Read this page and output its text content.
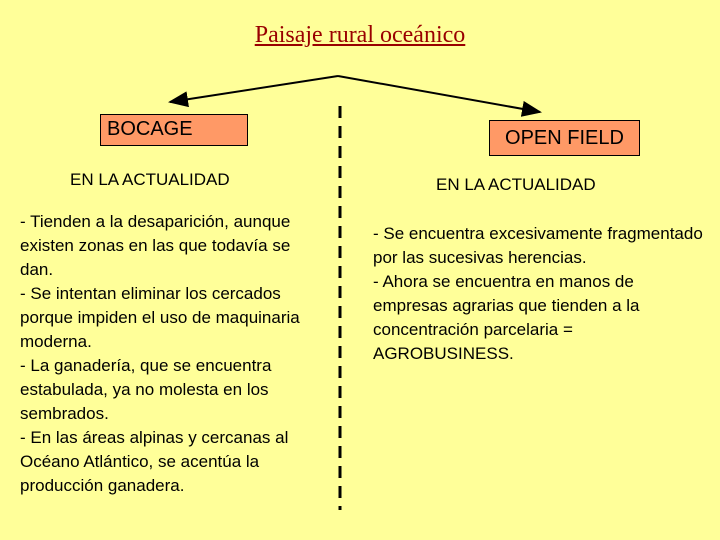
Paisaje rural oceánico
BOCAGE	OPEN FIELD
EN LA ACTUALIDAD	EN LA ACTUALIDAD
- Tienden a la desaparición, aunque existen zonas en las que todavía se dan.
- Se intentan eliminar los cercados porque impiden el uso de maquinaria moderna.
- La ganadería, que se encuentra estabulada, ya no molesta en los sembrados.
- En las áreas alpinas y cercanas al Océano Atlántico, se acentúa la producción ganadera.
- Se encuentra excesivamente fragmentado por las sucesivas herencias.
- Ahora se encuentra en manos de empresas agrarias que tienden a la concentración parcelaria = AGROBUSINESS.
